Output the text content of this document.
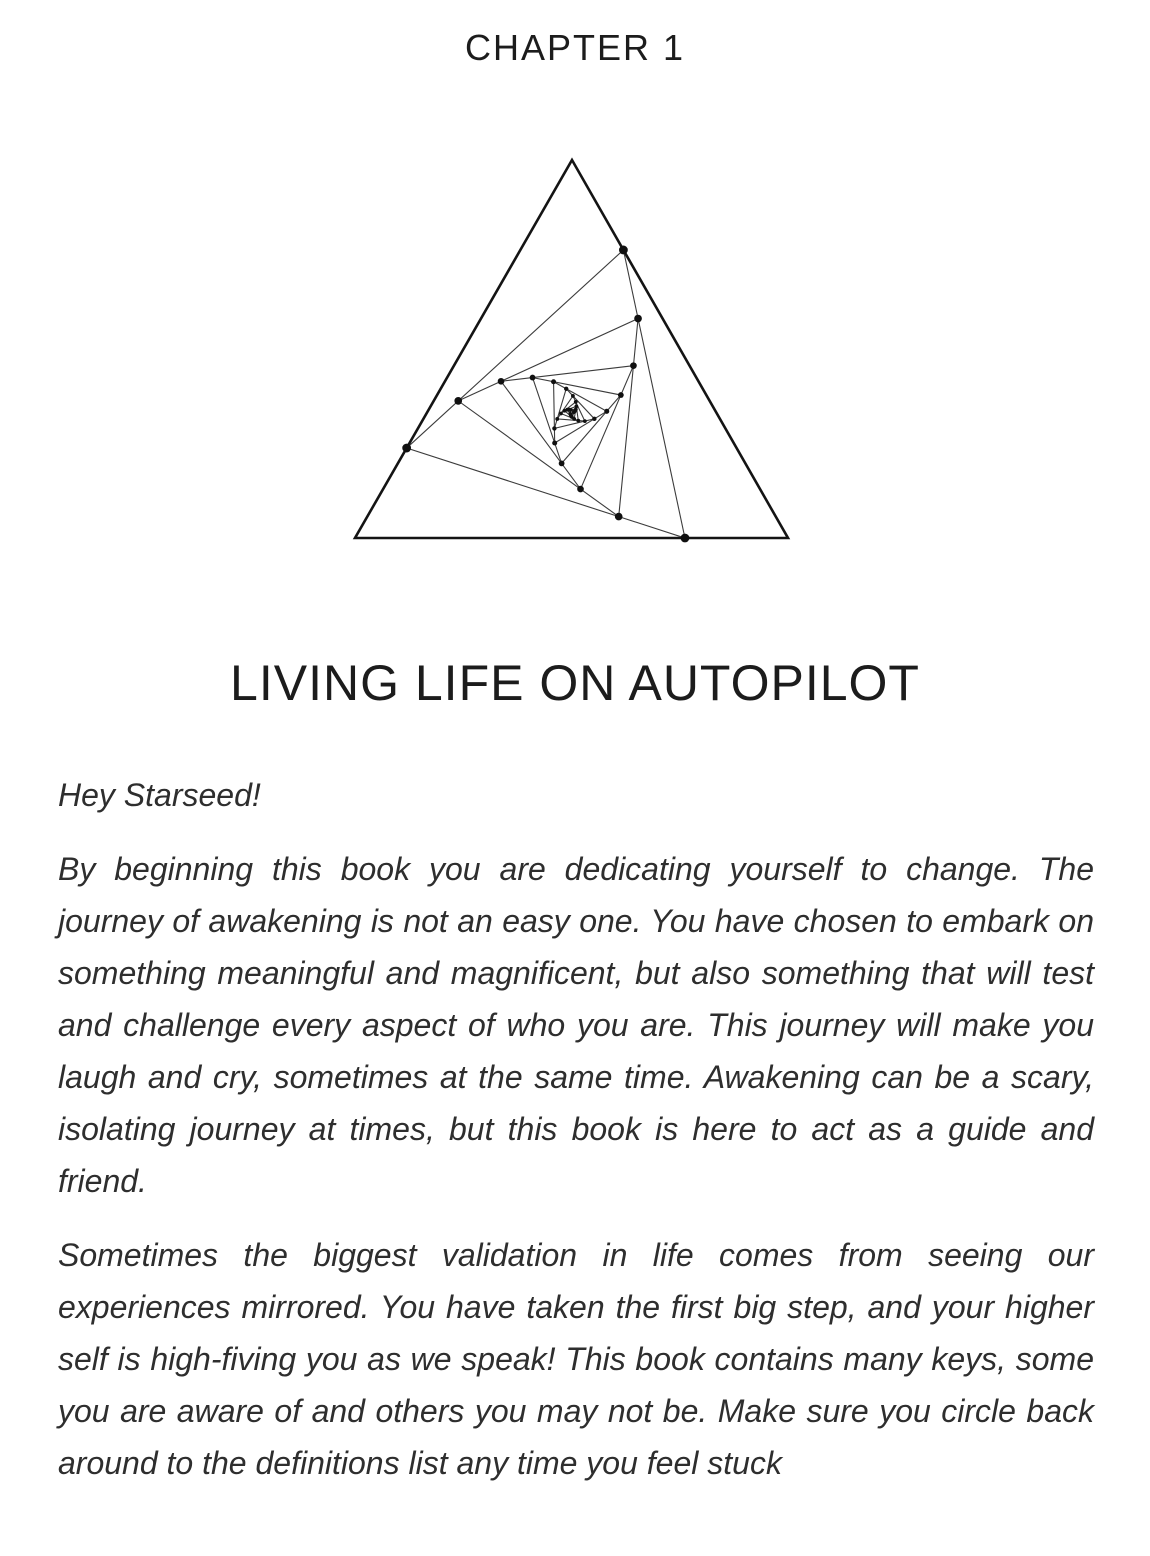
CHAPTER 1
LIVING LIFE ON AUTOPILOT

Hey Starseed!

By beginning this book you are dedicating yourself to change. The journey of awakening is not an easy one. You have chosen to embark on something meaningful and magnificent, but also something that will test and challenge every aspect of who you are. This journey will make you laugh and cry, sometimes at the same time. Awakening can be a scary, isolating journey at times, but this book is here to act as a guide and friend.

Sometimes the biggest validation in life comes from seeing our experiences mirrored. You have taken the first big step, and your higher self is high-fiving you as we speak! This book contains many keys, some you are aware of and others you may not be. Make sure you circle back around to the definitions list any time you feel stuck
